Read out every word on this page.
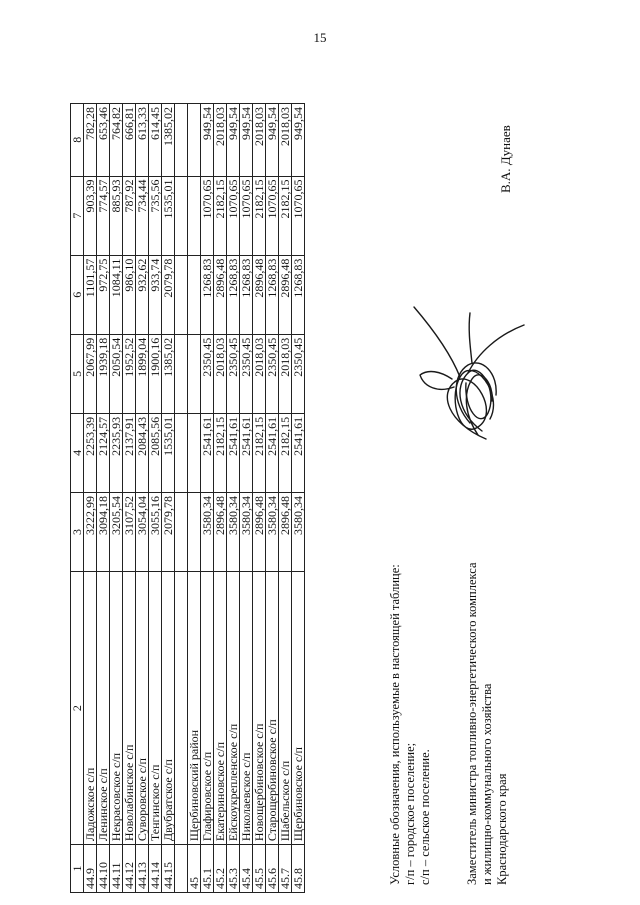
15
1	2	3	4	5	6	7	8
44.9	Ладожское с/п	3222,99	2253,39	2067,99	1101,57	903,39	782,28
44.10	Ленинское с/п	3094,18	2124,57	1939,18	972,75	774,57	653,46
44.11	Некрасовское с/п	3205,54	2235,93	2050,54	1084,11	885,93	764,82
44.12	Новолабинское с/п	3107,52	2137,91	1952,52	986,10	787,92	666,81
44.13	Суворовское с/п	3054,04	2084,43	1899,04	932,62	734,44	613,33
44.14	Тенгинское с/п	3055,16	2085,56	1900,16	933,74	735,56	614,45
44.15	Двубратское с/п	2079,78	1535,01	1385,02	2079,78	1535,01	1385,02

45	Щербиновский район						
45.1	Глафировское с/п	3580,34	2541,61	2350,45	1268,83	1070,65	949,54
45.2	Екатериновское с/п	2896,48	2182,15	2018,03	2896,48	2182,15	2018,03
45.3	Ейскоукрепленское с/п	3580,34	2541,61	2350,45	1268,83	1070,65	949,54
45.4	Николаевское с/п	3580,34	2541,61	2350,45	1268,83	1070,65	949,54
45.5	Новощербиновское с/п	2896,48	2182,15	2018,03	2896,48	2182,15	2018,03
45.6	Старощербиновское с/п	3580,34	2541,61	2350,45	1268,83	1070,65	949,54
45.7	Шабельское с/п	2896,48	2182,15	2018,03	2896,48	2182,15	2018,03
45.8	Щербиновское с/п	3580,34	2541,61	2350,45	1268,83	1070,65	949,54
Условные обозначения, используемые в настоящей таблице: г/п – городское поселение; с/п – сельское поселение.	Заместитель министра топливно-энергетического комплекса и жилищно-коммунального хозяйства Краснодарского края
В.А. Дунаев
